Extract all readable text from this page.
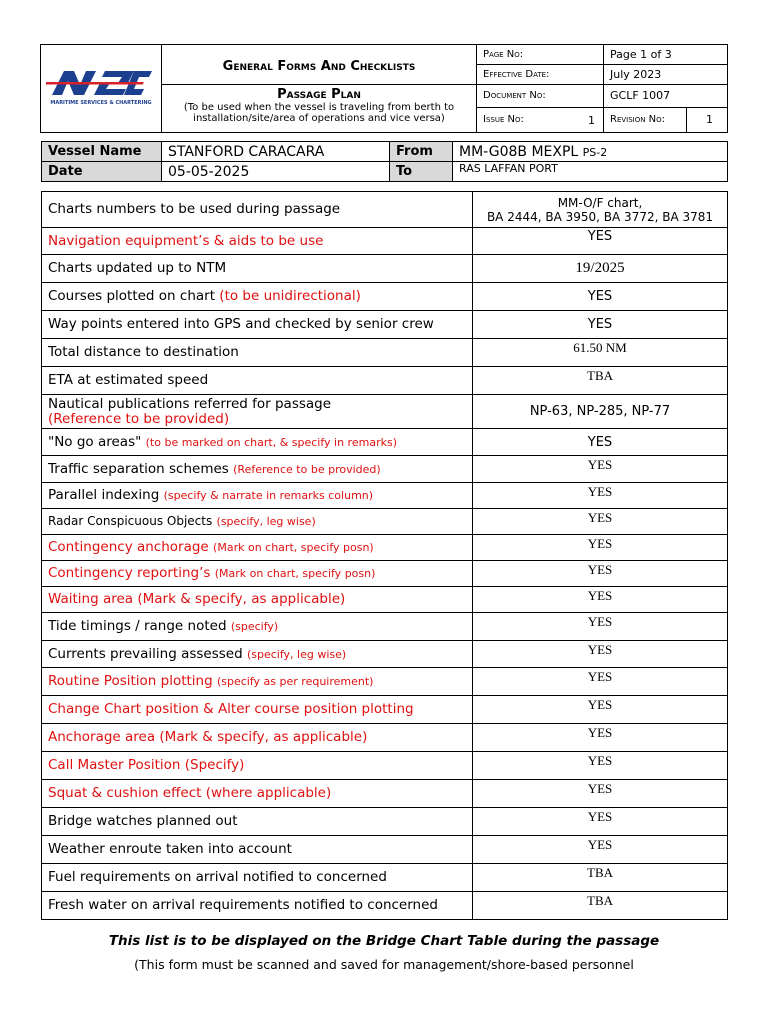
MARITIME SERVICES & CHARTERING	General Forms And Checklists	Page No:	Page 1 of 3	
		Effective Date:	July 2023	

	Passage Plan
(To be used when the vessel is traveling from berth to installation/site/area of operations and vice versa)	Document No:	GCLF 1007	
		Issue No: 1	Revision No:	1
Vessel Name	STANFORD CARACARA	From	MM-G08B MEXPL PS-2
Date	05-05-2025	To	RAS LAFFAN PORT
Charts numbers to be used during passage	MM-O/F chart,
BA 2444, BA 3950, BA 3772, BA 3781

Navigation equipment’s & aids to be use	YES

Charts updated up to NTM	19/2025

Courses plotted on chart (to be unidirectional)	YES

Way points entered into GPS and checked by senior crew	YES

Total distance to destination	61.50 NM

ETA at estimated speed	TBA

Nautical publications referred for passage
(Reference to be provided)	NP-63, NP-285, NP-77

"No go areas" (to be marked on chart, & specify in remarks)	YES

Traffic separation schemes (Reference to be provided)	YES

Parallel indexing (specify & narrate in remarks column)	YES

Radar Conspicuous Objects (specify, leg wise)	YES

Contingency anchorage (Mark on chart, specify posn)	YES

Contingency reporting’s (Mark on chart, specify posn)	YES

Waiting area (Mark & specify, as applicable)	YES

Tide timings / range noted (specify)	YES

Currents prevailing assessed (specify, leg wise)	YES

Routine Position plotting (specify as per requirement)	YES

Change Chart position & Alter course position plotting	YES

Anchorage area (Mark & specify, as applicable)	YES

Call Master Position (Specify)	YES

Squat & cushion effect (where applicable)	YES

Bridge watches planned out	YES

Weather enroute taken into account	YES

Fuel requirements on arrival notified to concerned	TBA

Fresh water on arrival requirements notified to concerned	TBA
This list is to be displayed on the Bridge Chart Table during the passage
(This form must be scanned and saved for management/shore-based personnel
